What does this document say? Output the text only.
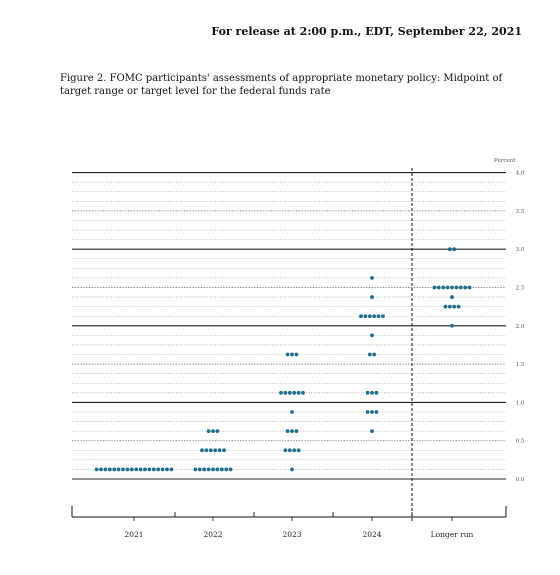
For release at 2:00 p.m., EDT, September 22, 2021
Figure 2. FOMC participants' assessments of appropriate monetary policy: Midpoint of target range or target level for the federal funds rate
Percent
0.0
0.5
1.0
1.5
2.0
2.5
3.0
3.5
4.0
2021	2022	2023	2024	Longer run
